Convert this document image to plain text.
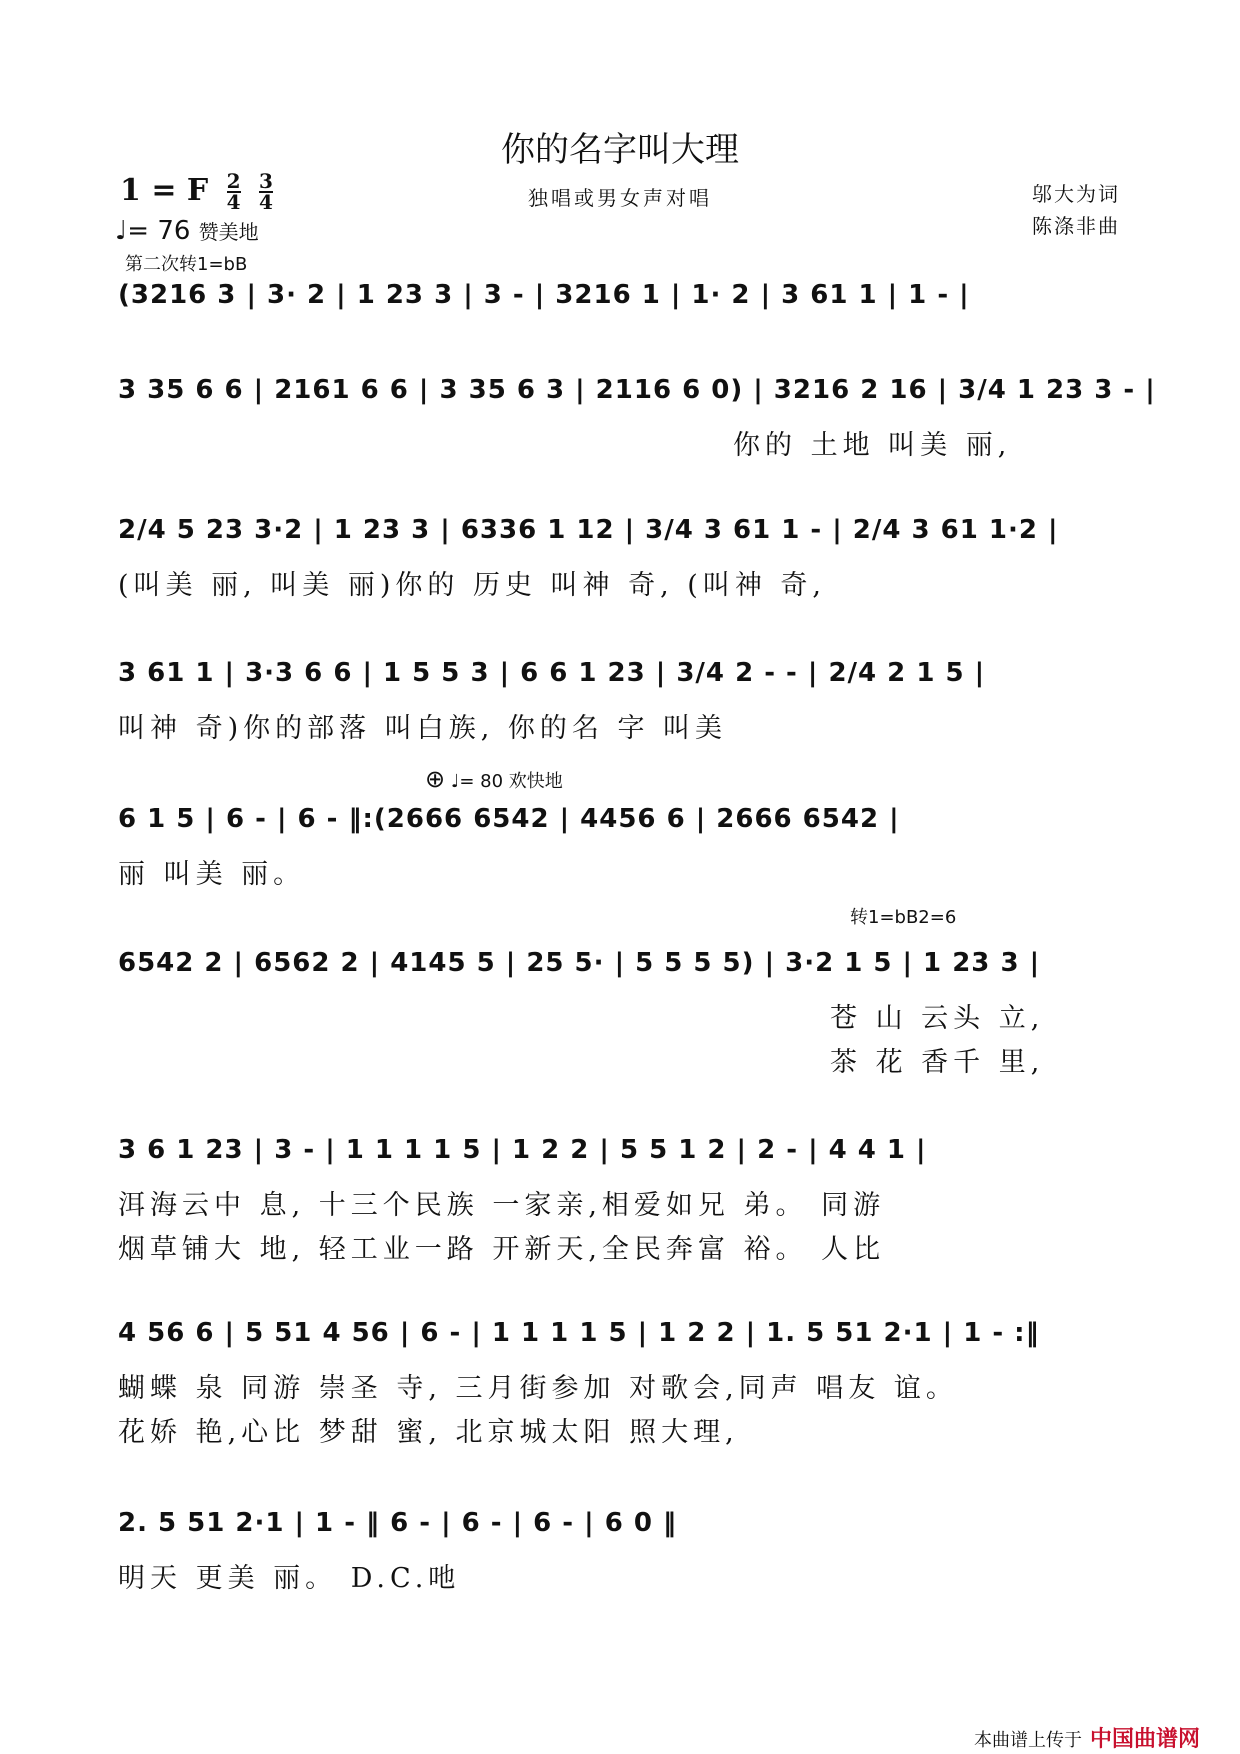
你的名字叫大理
独唱或男女声对唱
1 = F $\frac{2}{4}$
$\frac{3}{4}$
♩= 76 赞美地
第二次转1=bB
邬大为词
陈涤非曲
⊕ ♩= 80 欢快地
转1=bB2=6
(3216 3 | 3· 2 | 1 23 3 | 3 - | 3216 1 | 1· 2 | 3 61 1 | 1 - |
3 35 6 6 | 2161 6 6 | 3 35 6 3 | 2116 6 0) | 3216 2 16 | 3/4 1 23 3 - |
你的 土地 叫美 丽,
2/4 5 23 3·2 | 1 23 3 | 6336 1 12 | 3/4 3 61 1 - | 2/4 3 61 1·2 |
(叫美 丽, 叫美 丽)你的 历史 叫神 奇, (叫神 奇,
3 61 1 | 3·3 6 6 | 1 5 5 3 | 6 6 1 23 | 3/4 2 - - | 2/4 2 1 5 |
叫神 奇)你的部落 叫白族, 你的名 字 叫美
6 1 5 | 6 - | 6 - ‖:(2666 6542 | 4456 6 | 2666 6542 |
丽 叫美 丽。
6542 2 | 6562 2 | 4145 5 | 25 5· | 5 5 5 5) | 3·2 1 5 | 1 23 3 |
苍 山 云头 立,
茶 花 香千 里,
3 6 1 23 | 3 - | 1 1 1 1 5 | 1 2 2 | 5 5 1 2 | 2 - | 4 4 1 |
洱海云中 息, 十三个民族 一家亲,相爱如兄 弟。 同游
烟草铺大 地, 轻工业一路 开新天,全民奔富 裕。 人比
4 56 6 | 5 51 4 56 | 6 - | 1 1 1 1 5 | 1 2 2 | 1. 5 51 2·1 | 1 - :‖
蝴蝶 泉 同游 崇圣 寺, 三月街参加 对歌会,同声 唱友 谊。
花娇 艳,心比 梦甜 蜜, 北京城太阳 照大理,
2. 5 51 2·1 | 1 - ‖ 6 - | 6 - | 6 - | 6 0 ‖
明天 更美 丽。 D.C.吔
本曲谱上传于 中国曲谱网
